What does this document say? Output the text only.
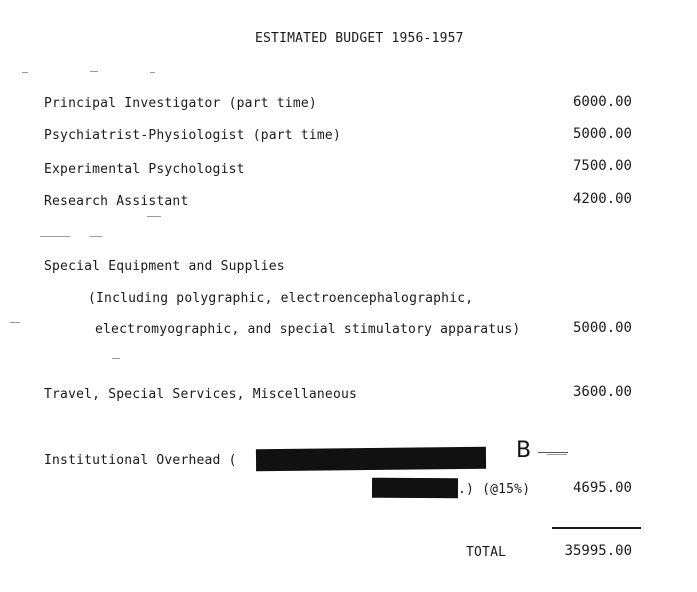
ESTIMATED BUDGET 1956-1957
Principal Investigator (part time)	6000.00
Psychiatrist-Physiologist (part time)	5000.00
Experimental Psychologist	7500.00
Research Assistant	4200.00
Special Equipment and Supplies
(Including polygraphic, electroencephalographic,
electromyographic, and special stimulatory apparatus)	5000.00
Travel, Special Services, Miscellaneous	3600.00
Institutional Overhead (	B
.) (@15%)	4695.00
TOTAL	35995.00
